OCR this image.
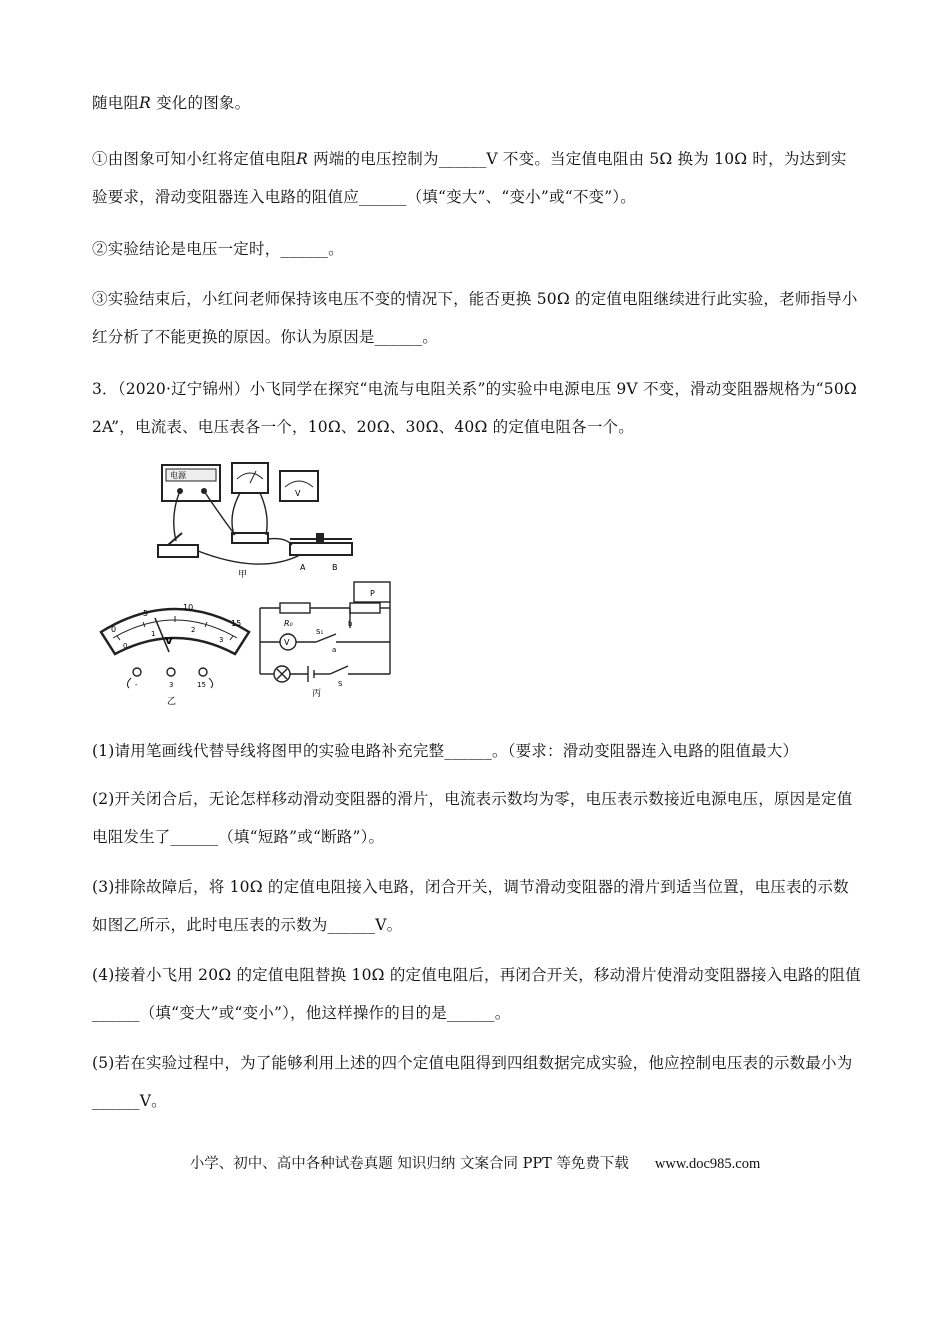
随电阻R 变化的图象。
①由图象可知小红将定值电阻R 两端的电压控制为______V 不变。当定值电阻由 5Ω 换为 10Ω 时，为达到实验要求，滑动变阻器连入电路的阻值应______（填“变大”、“变小”或“不变”）。
②实验结论是电压一定时，______。
③实验结束后，小红问老师保持该电压不变的情况下，能否更换 50Ω 的定值电阻继续进行此实验，老师指导小红分析了不能更换的原因。你认为原因是______。
3．（2020·辽宁锦州）小飞同学在探究“电流与电阻关系”的实验中电源电压 9V 不变，滑动变阻器规格为“50Ω 2A”，电流表、电压表各一个，10Ω、20Ω、30Ω、40Ω 的定值电阻各一个。
电源
V
A	B
甲
0
5
10
15
0
1	2
3
V
-	3	15
乙
P
R₀
V
S₁
b
a
S
丙
(1)请用笔画线代替导线将图甲的实验电路补充完整______。（要求：滑动变阻器连入电路的阻值最大）
(2)开关闭合后，无论怎样移动滑动变阻器的滑片，电流表示数均为零，电压表示数接近电源电压，原因是定值电阻发生了______（填“短路”或“断路”）。
(3)排除故障后，将 10Ω 的定值电阻接入电路，闭合开关，调节滑动变阻器的滑片到适当位置，电压表的示数如图乙所示，此时电压表的示数为______V。
(4)接着小飞用 20Ω 的定值电阻替换 10Ω 的定值电阻后，再闭合开关，移动滑片使滑动变阻器接入电路的阻值______（填“变大”或“变小”），他这样操作的目的是______。
(5)若在实验过程中，为了能够利用上述的四个定值电阻得到四组数据完成实验，他应控制电压表的示数最小为______V。
小学、初中、高中各种试卷真题 知识归纳 文案合同 PPT 等免费下载 www.doc985.com
